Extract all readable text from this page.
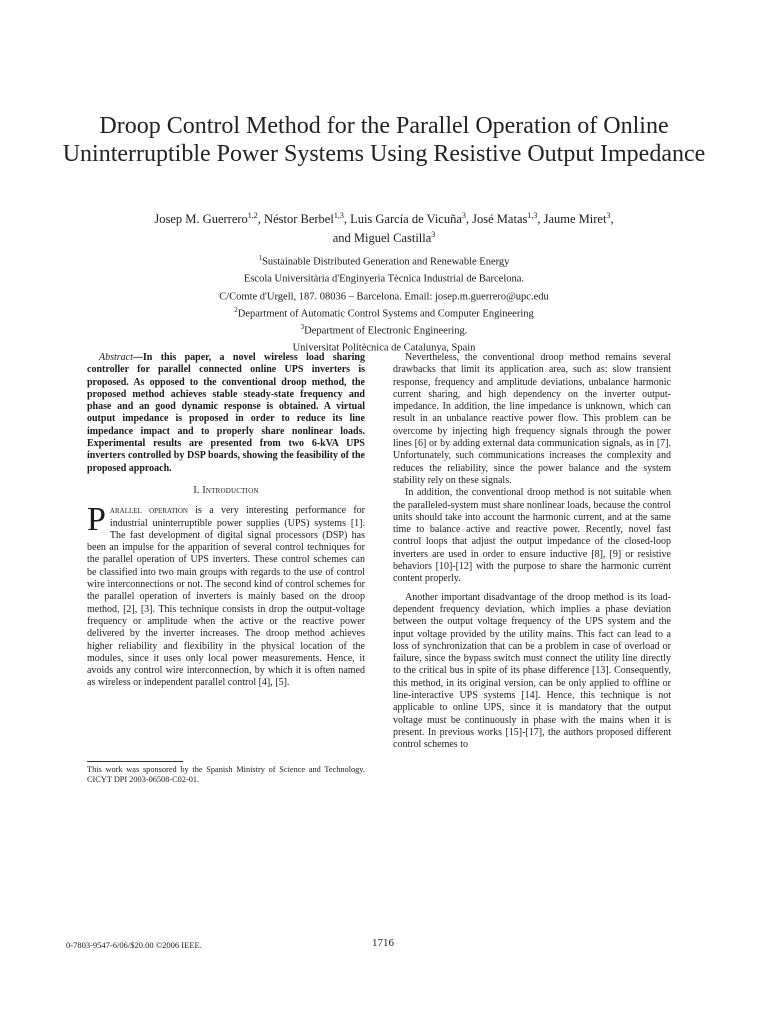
Droop Control Method for the Parallel Operation of Online Uninterruptible Power Systems Using Resistive Output Impedance
Josep M. Guerrero$^{1,2}$, Néstor Berbel$^{1,3}$, Luis García de Vicuña$^3$, José Matas$^{1,3}$, Jaume Miret$^3$,
and Miguel Castilla$^3$
$^1$Sustainable Distributed Generation and Renewable Energy
Escola Universitària d'Enginyeria Tècnica Industrial de Barcelona.
C/Comte d'Urgell, 187. 08036 – Barcelona. Email: josep.m.guerrero@upc.edu
$^2$Department of Automatic Control Systems and Computer Engineering
$^3$Department of Electronic Engineering.
Universitat Politècnica de Catalunya, Spain

Abstract—In this paper, a novel wireless load sharing controller for parallel connected online UPS inverters is proposed. As opposed to the conventional droop method, the proposed method achieves stable steady-state frequency and phase and an good dynamic response is obtained. A virtual output impedance is proposed in order to reduce its line impedance impact and to properly share nonlinear loads. Experimental results are presented from two 6-kVA UPS inverters controlled by DSP boards, showing the feasibility of the proposed approach.

I. Introduction

Parallel operation is a very interesting performance for industrial uninterruptible power supplies (UPS) systems [1]. The fast development of digital signal processors (DSP) has been an impulse for the apparition of several control techniques for the parallel operation of UPS inverters. These control schemes can be classified into two main groups with regards to the use of control wire interconnections or not. The second kind of control schemes for the parallel operation of inverters is mainly based on the droop method, [2], [3]. This technique consists in drop the output-voltage frequency or amplitude when the active or the reactive power delivered by the inverter increases. The droop method achieves higher reliability and flexibility in the physical location of the modules, since it uses only local power measurements. Hence, it avoids any control wire interconnection, by which it is often named as wireless or independent parallel control [4], [5].

This work was sponsored by the Spanish Ministry of Science and Technology. CICYT DPI 2003-06508-C02-01.

Nevertheless, the conventional droop method remains several drawbacks that limit its application area, such as: slow transient response, frequency and amplitude deviations, unbalance harmonic current sharing, and high dependency on the inverter output-impedance. In addition, the line impedance is unknown, which can result in an unbalance reactive power flow. This problem can be overcome by injecting high frequency signals through the power lines [6] or by adding external data communication signals, as in [7]. Unfortunately, such communications increases the complexity and reduces the reliability, since the power balance and the system stability rely on these signals.

In addition, the conventional droop method is not suitable when the paralleled-system must share nonlinear loads, because the control units should take into account the harmonic current, and at the same time to balance active and reactive power. Recently, novel fast control loops that adjust the output impedance of the closed-loop inverters are used in order to ensure inductive [8], [9] or resistive behaviors [10]-[12] with the purpose to share the harmonic current content properly.

Another important disadvantage of the droop method is its load-dependent frequency deviation, which implies a phase deviation between the output voltage frequency of the UPS system and the input voltage provided by the utility mains. This fact can lead to a loss of synchronization that can be a problem in case of overload or failure, since the bypass switch must connect the utility line directly to the critical bus in spite of its phase difference [13]. Consequently, this method, in its original version, can be only applied to offline or line-interactive UPS systems [14]. Hence, this technique is not applicable to online UPS, since it is mandatory that the output voltage must be continuously in phase with the mains when it is present. In previous works [15]-[17], the authors proposed different control schemes to

0-7803-9547-6/06/$20.00 ©2006 IEEE.	1716
